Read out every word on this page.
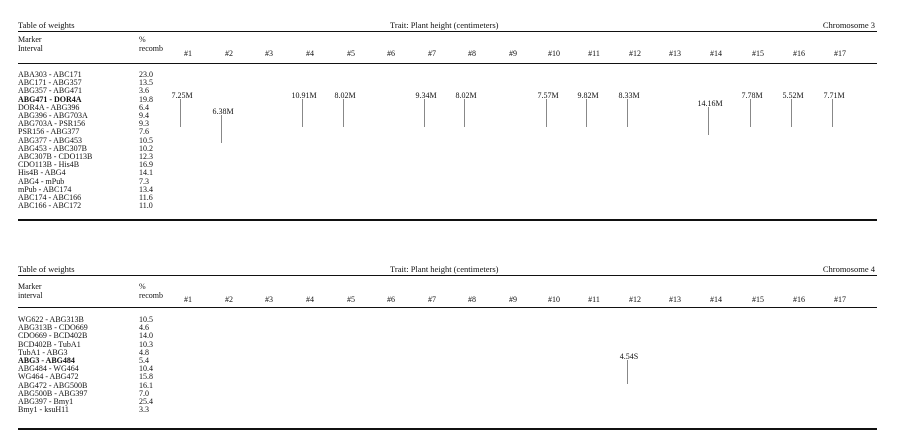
Table of weights	Trait: Plant height (centimeters)	Chromosome 3
Marker
Interval
%
recomb
#1	#2	#3	#4	#5	#6	#7	#8	#9	#10	#11	#12	#13	#14	#15	#16	#17
ABA303 - ABC171	23.0
ABC171 - ABG357	13.5
ABG357 - ABG471	3.6
ABG471 - DOR4A	19.8
DOR4A - ABG396	6.4
ABG396 - ABG703A	9.4
ABG703A - PSR156	9.3
PSR156 - ABG377	7.6
ABG377 - ABG453	10.5
ABG453 - ABC307B	10.2
ABC307B - CDO113B	12.3
CDO113B - His4B	16.9
His4B - ABG4	14.1
ABG4 - mPub	7.3
mPub - ABC174	13.4
ABC174 - ABC166	11.6
ABC166 - ABC172	11.0
7.25M
6.38M
10.91M 8.02M	9.34M 8.02M	7.57M 9.82M 8.33M
14.16M
7.78M 5.52M 7.71M
Table of weights	Trait: Plant height (centimeters)	Chromosome 4
Marker
interval
%
recomb	#1	#2	#3	#4	#5	#6	#7	#8	#9	#10	#11	#12	#13	#14	#15	#16	#17
WG622 - ABG313B	10.5
ABG313B - CDO669	4.6
CDO669 - BCD402B	14.0
BCD402B - TubA1	10.3
TubA1 - ABG3	4.8
ABG3 - ABG484	5.4
ABG484 - WG464	10.4
WG464 - ABG472	15.8
ABG472 - ABG500B	16.1
ABG500B - ABG397	7.0
ABG397 - Bmy1	25.4
Bmy1 - ksuH11	3.3
4.54S
